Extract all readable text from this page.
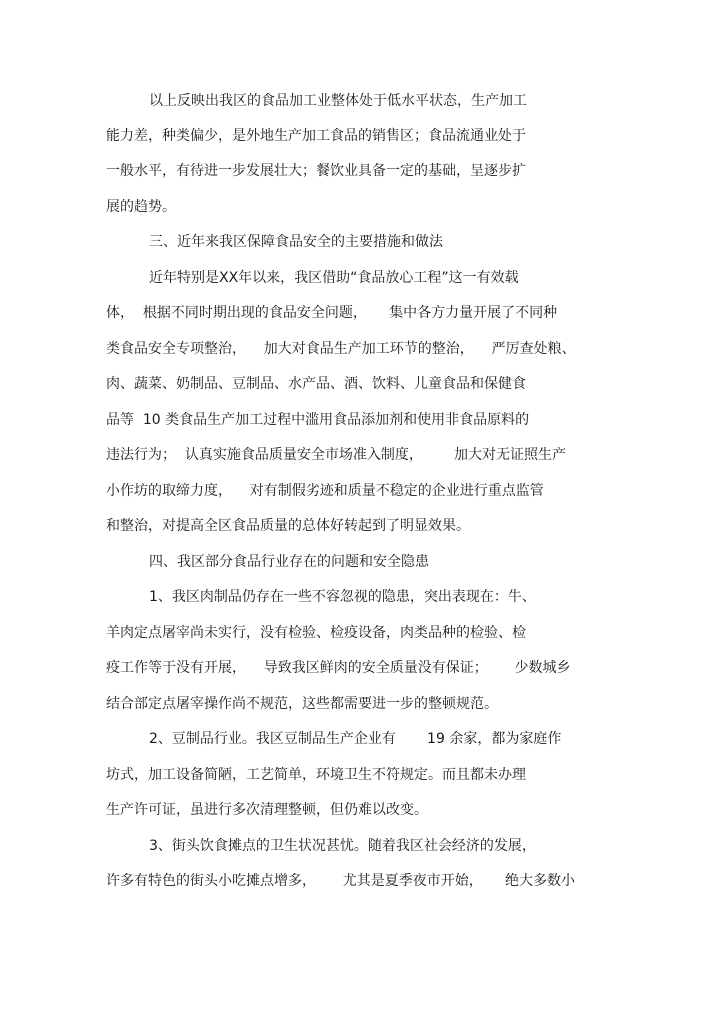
以上反映出我区的食品加工业整体处于低水平状态，生产加工
能力差，种类偏少，是外地生产加工食品的销售区；食品流通业处于
一般水平，有待进一步发展壮大；餐饮业具备一定的基础，呈逐步扩
展的趋势。
三、近年来我区保障食品安全的主要措施和做法
近年特别是XX年以来，我区借助“食品放心工程”这一有效载
体，  根据不同时期出现的食品安全问题，     集中各方力量开展了不同种
类食品安全专项整治，    加大对食品生产加工环节的整治，    严厉查处粮、
肉、蔬菜、奶制品、豆制品、水产品、酒、饮料、儿童食品和保健食
品等  10 类食品生产加工过程中滥用食品添加剂和使用非食品原料的
违法行为；  认真实施食品质量安全市场准入制度，       加大对无证照生产
小作坊的取缔力度，    对有制假劣迹和质量不稳定的企业进行重点监管
和整治，对提高全区食品质量的总体好转起到了明显效果。
四、我区部分食品行业存在的问题和安全隐患
1、我区肉制品仍存在一些不容忽视的隐患，突出表现在：牛、
羊肉定点屠宰尚未实行，没有检验、检疫设备，肉类品种的检验、检
疫工作等于没有开展，    导致我区鲜肉的安全质量没有保证；      少数城乡
结合部定点屠宰操作尚不规范，这些都需要进一步的整顿规范。
2、豆制品行业。我区豆制品生产企业有       19 余家，都为家庭作
坊式，加工设备简陋，工艺简单，环境卫生不符规定。而且都未办理
生产许可证，虽进行多次清理整顿，但仍难以改变。
3、街头饮食摊点的卫生状况甚忧。随着我区社会经济的发展，
许多有特色的街头小吃摊点增多，      尤其是夏季夜市开始，     绝大多数小
